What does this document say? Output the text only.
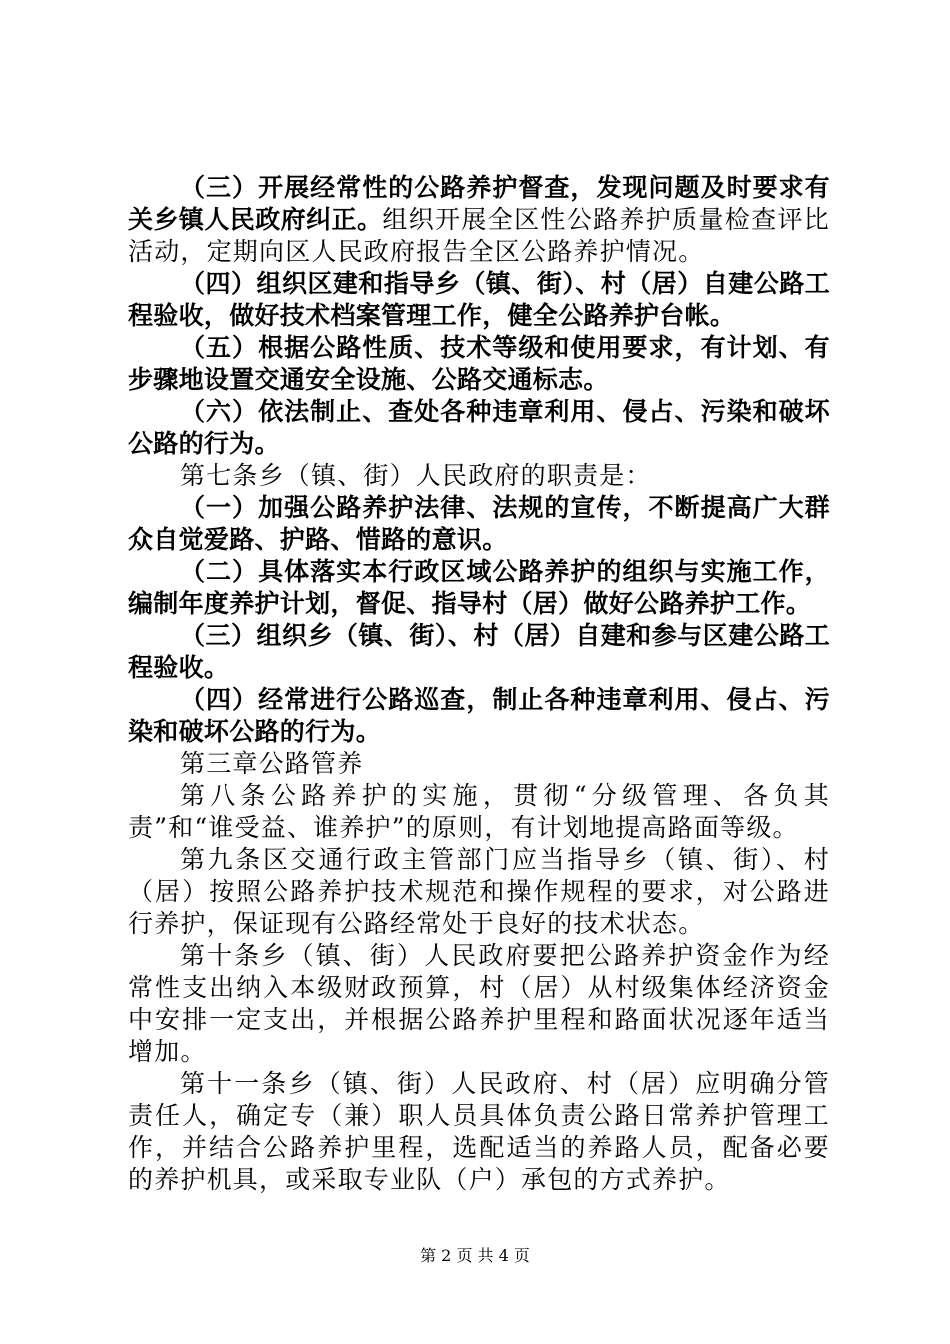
（三）开展经常性的公路养护督查，发现问题及时要求有关乡镇人民政府纠正。组织开展全区性公路养护质量检查评比活动，定期向区人民政府报告全区公路养护情况。

（四）组织区建和指导乡（镇、街）、村（居）自建公路工程验收，做好技术档案管理工作，健全公路养护台帐。

（五）根据公路性质、技术等级和使用要求，有计划、有步骤地设置交通安全设施、公路交通标志。

（六）依法制止、查处各种违章利用、侵占、污染和破坏公路的行为。

第七条乡（镇、街）人民政府的职责是：

（一）加强公路养护法律、法规的宣传，不断提高广大群众自觉爱路、护路、惜路的意识。

（二）具体落实本行政区域公路养护的组织与实施工作，编制年度养护计划，督促、指导村（居）做好公路养护工作。

（三）组织乡（镇、街）、村（居）自建和参与区建公路工程验收。

（四）经常进行公路巡查，制止各种违章利用、侵占、污染和破坏公路的行为。

第三章公路管养

第八条公路养护的实施，贯彻“分级管理、各负其责”和“谁受益、谁养护”的原则，有计划地提高路面等级。

第九条区交通行政主管部门应当指导乡（镇、街）、村（居）按照公路养护技术规范和操作规程的要求，对公路进行养护，保证现有公路经常处于良好的技术状态。

第十条乡（镇、街）人民政府要把公路养护资金作为经常性支出纳入本级财政预算，村（居）从村级集体经济资金中安排一定支出，并根据公路养护里程和路面状况逐年适当增加。

第十一条乡（镇、街）人民政府、村（居）应明确分管责任人，确定专（兼）职人员具体负责公路日常养护管理工作，并结合公路养护里程，选配适当的养路人员，配备必要的养护机具，或采取专业队（户）承包的方式养护。

第 2 页 共 4 页
